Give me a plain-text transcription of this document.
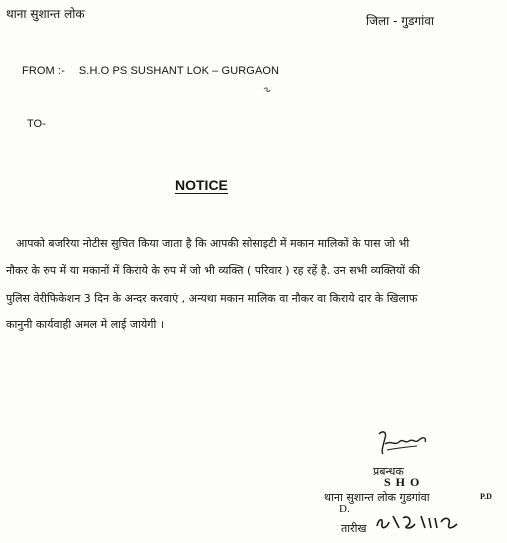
थाना सुशान्त लोक	जिला - गुडगांवा
FROM :- S.H.O PS SUSHANT LOK – GURGAON
TO-
NOTICE
आपको बजरिया नोटीस सुचित किया जाता है कि आपकी सोसाइटी में मकान मालिकों के पास जो भी
नौकर के रुप में या मकानों में किराये के रुप में जो भी व्यक्ति ( परिवार ) रह रहें है. उन सभी व्यक्तियों की
पुलिस वेरीफिकेशन 3 दिन के अन्दर करवाएं , अन्यथा मकान मालिक वा नौकर वा किराये दार के खिलाफ
कानुनी कार्यवाही अमल मे लाई जायेगी ।
प्रबन्धक
S H O
थाना सुशान्त लोक गुडगांवा	P.D
D.
तारीख
